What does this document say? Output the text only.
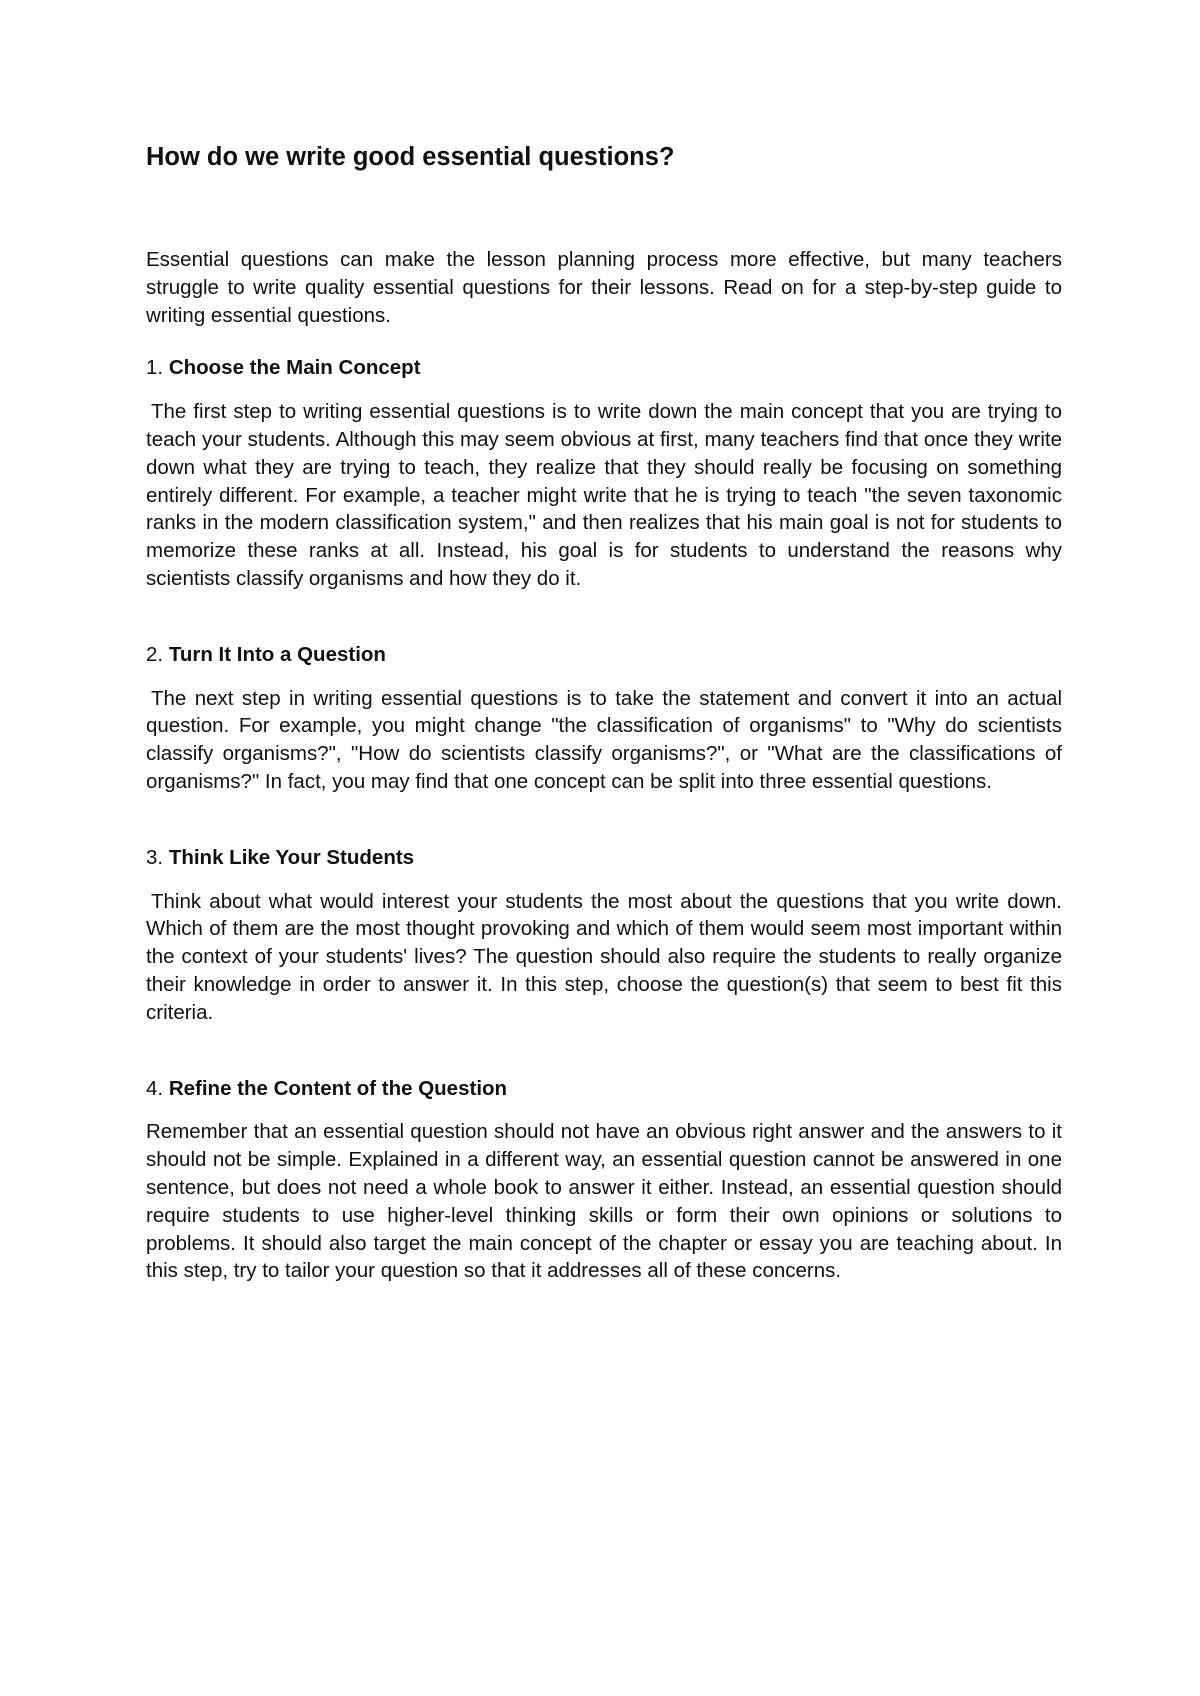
How do we write good essential questions?

Essential questions can make the lesson planning process more effective, but many teachers struggle to write quality essential questions for their lessons. Read on for a step-by-step guide to writing essential questions.

1. Choose the Main Concept

The first step to writing essential questions is to write down the main concept that you are trying to teach your students. Although this may seem obvious at first, many teachers find that once they write down what they are trying to teach, they realize that they should really be focusing on something entirely different. For example, a teacher might write that he is trying to teach "the seven taxonomic ranks in the modern classification system," and then realizes that his main goal is not for students to memorize these ranks at all. Instead, his goal is for students to understand the reasons why scientists classify organisms and how they do it.

2. Turn It Into a Question

The next step in writing essential questions is to take the statement and convert it into an actual question. For example, you might change "the classification of organisms" to "Why do scientists classify organisms?", "How do scientists classify organisms?", or "What are the classifications of organisms?" In fact, you may find that one concept can be split into three essential questions.

3. Think Like Your Students

Think about what would interest your students the most about the questions that you write down. Which of them are the most thought provoking and which of them would seem most important within the context of your students' lives? The question should also require the students to really organize their knowledge in order to answer it. In this step, choose the question(s) that seem to best fit this criteria.

4. Refine the Content of the Question

Remember that an essential question should not have an obvious right answer and the answers to it should not be simple. Explained in a different way, an essential question cannot be answered in one sentence, but does not need a whole book to answer it either. Instead, an essential question should require students to use higher-level thinking skills or form their own opinions or solutions to problems. It should also target the main concept of the chapter or essay you are teaching about. In this step, try to tailor your question so that it addresses all of these concerns.
